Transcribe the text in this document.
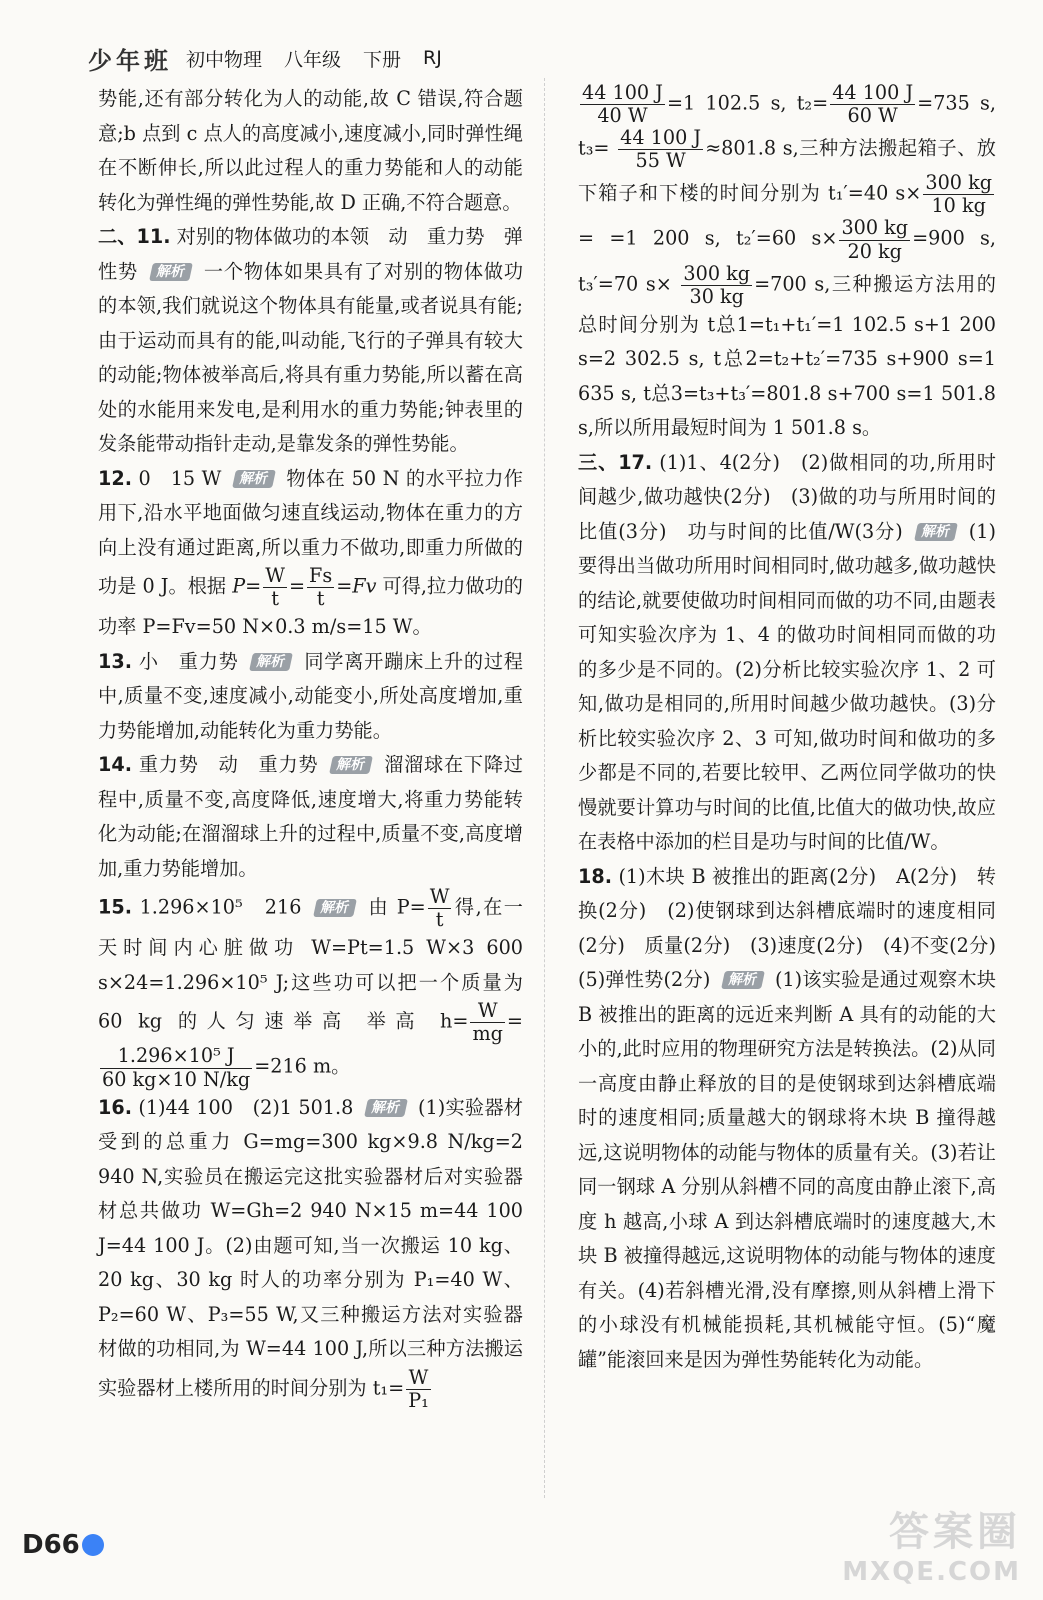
少年班 初中物理 八年级 下册 RJ

势能,还有部分转化为人的动能,故 C 错误,符合题意;b 点到 c 点人的高度减小,速度减小,同时弹性绳在不断伸长,所以此过程人的重力势能和人的动能转化为弹性绳的弹性势能,故 D 正确,不符合题意。

二、11. 对别的物体做功的本领　动　重力势　弹性势 解析 一个物体如果具有了对别的物体做功的本领,我们就说这个物体具有能量,或者说具有能;由于运动而具有的能,叫动能,飞行的子弹具有较大的动能;物体被举高后,将具有重力势能,所以蓄在高处的水能用来发电,是利用水的重力势能;钟表里的发条能带动指针走动,是靠发条的弹性势能。

12. 0　15 W 解析 物体在 50 N 的水平拉力作用下,沿水平地面做匀速直线运动,物体在重力的方向上没有通过距离,所以重力不做功,即重力所做的功是 0 J。根据 $P= \frac{W}{t} = \frac{Fs}{t} =Fv$ 可得,拉力做功的功率 P=Fv=50 N×0.3 m/s=15 W。

13. 小　重力势 解析 同学离开蹦床上升的过程中,质量不变,速度减小,动能变小,所处高度增加,重力势能增加,动能转化为重力势能。

14. 重力势　动　重力势 解析 溜溜球在下降过程中,质量不变,高度降低,速度增大,将重力势能转化为动能;在溜溜球上升的过程中,质量不变,高度增加,重力势能增加。

15. 1.296×10⁵　216 解析 由 $P= \frac{W}{t}$ 得,在一天时间内心脏做功 W=Pt=1.5 W×3 600 s×24=1.296×10⁵ J;这些功可以把一个质量为 60 kg 的人匀速举高 举高 $h= \frac{W}{mg}$ =
$\frac{\text{1.296×10⁵ J}}{60 kg\times 10 N/kg} =216$ m。

16. (1)44 100　(2)1 501.8 解析 (1)实验器材受到的总重力 G=mg=300 kg×9.8 N/kg=2 940 N,实验员在搬运完这批实验器材后对实验器材总共做功 W=Gh=2 940 N×15 m=44 100 J=44 100 J。(2)由题可知,当一次搬运 10 kg、20 kg、30 kg 时人的功率分别为 P₁=40 W、P₂=60 W、P₃=55 W,又三种搬运方法对实验器材做的功相同,为 W=44 100 J,所以三种方法搬运实验器材上楼所用的时间分别为 $t_1= \frac{W}{\text{P₁}}$

$\frac{44 100 J}{40 W} =1$ 102.5 s, $t_2= \frac{44 100 J}{60 W} =735$ s, $t_3= \frac{44 100 J}{55 W} \approx 801.8$ s,三种方法搬起箱子、放下箱子和下楼的时间分别为 t₁′=40 $s\times \frac{300 kg}{10 kg}$
= =1 200 s, t₂′=60 $s\times \frac{300 kg}{20 kg} =900$ s, t₃′=70 $s\times \frac{300 kg}{30 kg} =700$ s,三种搬运方法用的总时间分别为 t总1=t₁+t₁′=1 102.5 s+1 200 s=2 302.5 s, t总2=t₂+t₂′=735 s+900 s=1 635 s, t总3=t₃+t₃′=801.8 s+700 s=1 501.8 s,所以所用最短时间为 1 501.8 s。

三、17. (1)1、4(2分)　(2)做相同的功,所用时间越少,做功越快(2分)　(3)做的功与所用时间的比值(3分)　功与时间的比值/W(3分) 解析 (1)要得出当做功所用时间相同时,做功越多,做功越快的结论,就要使做功时间相同而做的功不同,由题表可知实验次序为 1、4 的做功时间相同而做的功的多少是不同的。(2)分析比较实验次序 1、2 可知,做功是相同的,所用时间越少做功越快。(3)分析比较实验次序 2、3 可知,做功时间和做功的多少都是不同的,若要比较甲、乙两位同学做功的快慢就要计算功与时间的比值,比值大的做功快,故应在表格中添加的栏目是功与时间的比值/W。

18. (1)木块 B 被推出的距离(2分)　A(2分)　转换(2分)　(2)使钢球到达斜槽底端时的速度相同(2分)　质量(2分)　(3)速度(2分)　(4)不变(2分)　(5)弹性势(2分) 解析 (1)该实验是通过观察木块 B 被推出的距离的远近来判断 A 具有的动能的大小的,此时应用的物理研究方法是转换法。(2)从同一高度由静止释放的目的是使钢球到达斜槽底端时的速度相同;质量越大的钢球将木块 B 撞得越远,这说明物体的动能与物体的质量有关。(3)若让同一钢球 A 分别从斜槽不同的高度由静止滚下,高度 h 越高,小球 A 到达斜槽底端时的速度越大,木块 B 被撞得越远,这说明物体的动能与物体的速度有关。(4)若斜槽光滑,没有摩擦,则从斜槽上滑下的小球没有机械能损耗,其机械能守恒。(5)“魔罐”能滚回来是因为弹性势能转化为动能。

D66	答案圈
MXQE.COM
